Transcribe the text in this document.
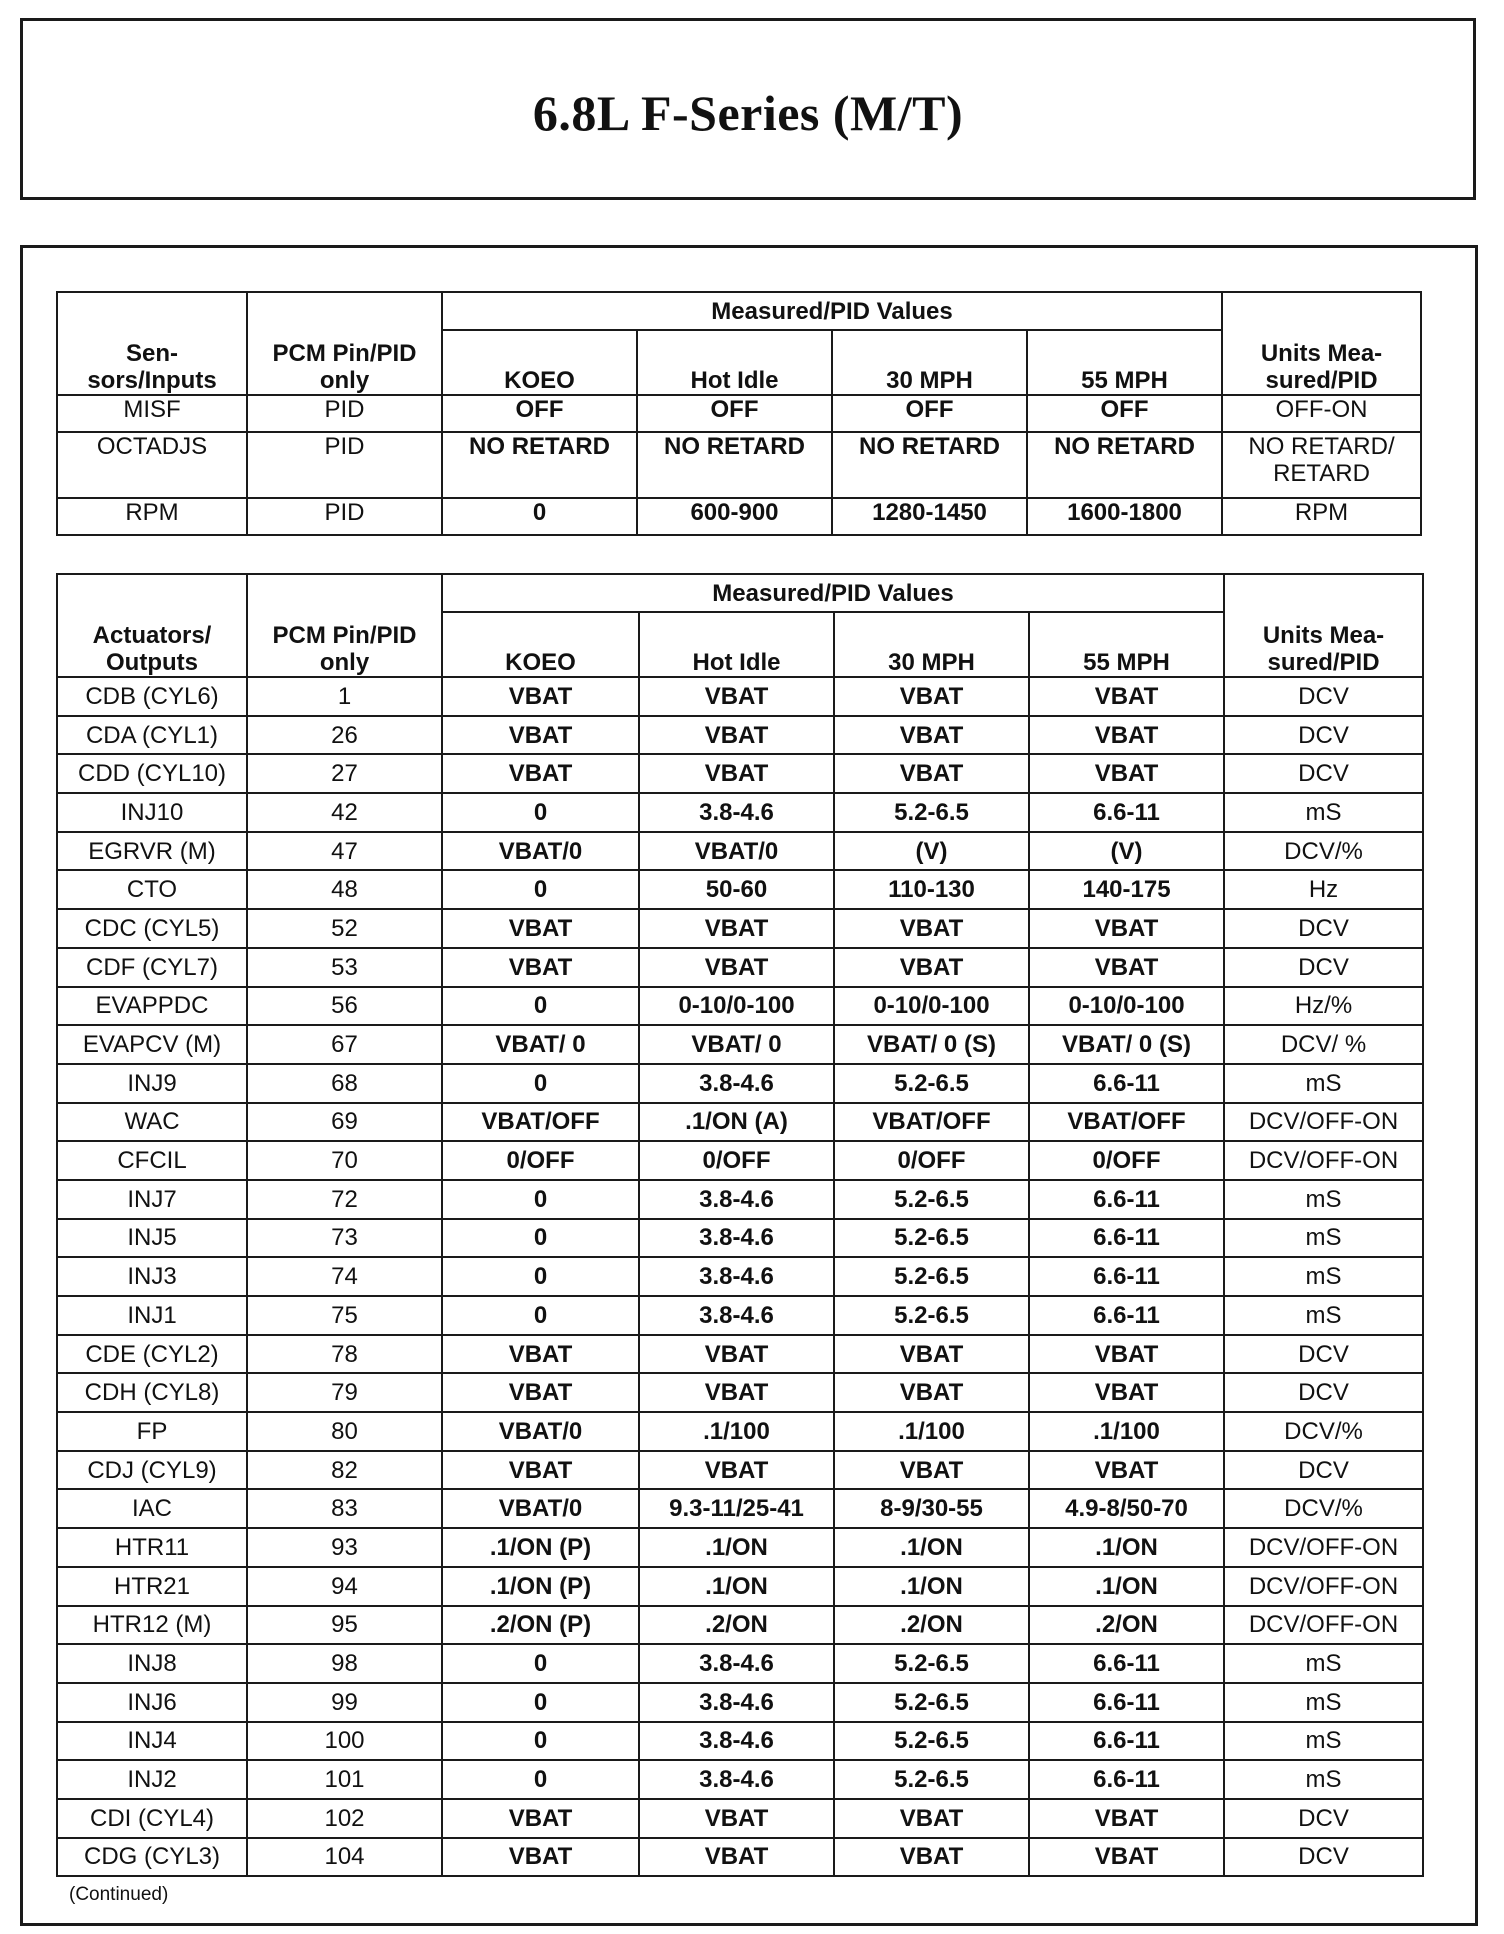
6.8L F-Series (M/T)
Sen-
sors/Inputs	PCM Pin/PID only	Measured/PID Values				Units Mea-
sured/PID
		KOEO	Hot Idle	30 MPH	55 MPH	
MISF	PID	OFF	OFF	OFF	OFF	OFF-ON
OCTADJS	PID	NO RETARD	NO RETARD	NO RETARD	NO RETARD	NO RETARD/
RETARD
RPM	PID	0	600-900	1280-1450	1600-1800	RPM
Actuators/
Outputs	PCM Pin/PID only	Measured/PID Values				Units Mea-
sured/PID
		KOEO	Hot Idle	30 MPH	55 MPH	
CDB (CYL6)	1	VBAT	VBAT	VBAT	VBAT	DCV
CDA (CYL1)	26	VBAT	VBAT	VBAT	VBAT	DCV
CDD (CYL10)	27	VBAT	VBAT	VBAT	VBAT	DCV
INJ10	42	0	3.8-4.6	5.2-6.5	6.6-11	mS
EGRVR (M)	47	VBAT/0	VBAT/0	(V)	(V)	DCV/%
CTO	48	0	50-60	110-130	140-175	Hz
CDC (CYL5)	52	VBAT	VBAT	VBAT	VBAT	DCV
CDF (CYL7)	53	VBAT	VBAT	VBAT	VBAT	DCV
EVAPPDC	56	0	0-10/0-100	0-10/0-100	0-10/0-100	Hz/%
EVAPCV (M)	67	VBAT/ 0	VBAT/ 0	VBAT/ 0 (S)	VBAT/ 0 (S)	DCV/ %
INJ9	68	0	3.8-4.6	5.2-6.5	6.6-11	mS
WAC	69	VBAT/OFF	.1/ON (A)	VBAT/OFF	VBAT/OFF	DCV/OFF-ON
CFCIL	70	0/OFF	0/OFF	0/OFF	0/OFF	DCV/OFF-ON
INJ7	72	0	3.8-4.6	5.2-6.5	6.6-11	mS
INJ5	73	0	3.8-4.6	5.2-6.5	6.6-11	mS
INJ3	74	0	3.8-4.6	5.2-6.5	6.6-11	mS
INJ1	75	0	3.8-4.6	5.2-6.5	6.6-11	mS
CDE (CYL2)	78	VBAT	VBAT	VBAT	VBAT	DCV
CDH (CYL8)	79	VBAT	VBAT	VBAT	VBAT	DCV
FP	80	VBAT/0	.1/100	.1/100	.1/100	DCV/%
CDJ (CYL9)	82	VBAT	VBAT	VBAT	VBAT	DCV
IAC	83	VBAT/0	9.3-11/25-41	8-9/30-55	4.9-8/50-70	DCV/%
HTR11	93	.1/ON (P)	.1/ON	.1/ON	.1/ON	DCV/OFF-ON
HTR21	94	.1/ON (P)	.1/ON	.1/ON	.1/ON	DCV/OFF-ON
HTR12 (M)	95	.2/ON (P)	.2/ON	.2/ON	.2/ON	DCV/OFF-ON
INJ8	98	0	3.8-4.6	5.2-6.5	6.6-11	mS
INJ6	99	0	3.8-4.6	5.2-6.5	6.6-11	mS
INJ4	100	0	3.8-4.6	5.2-6.5	6.6-11	mS
INJ2	101	0	3.8-4.6	5.2-6.5	6.6-11	mS
CDI (CYL4)	102	VBAT	VBAT	VBAT	VBAT	DCV
CDG (CYL3)	104	VBAT	VBAT	VBAT	VBAT	DCV
(Continued)
